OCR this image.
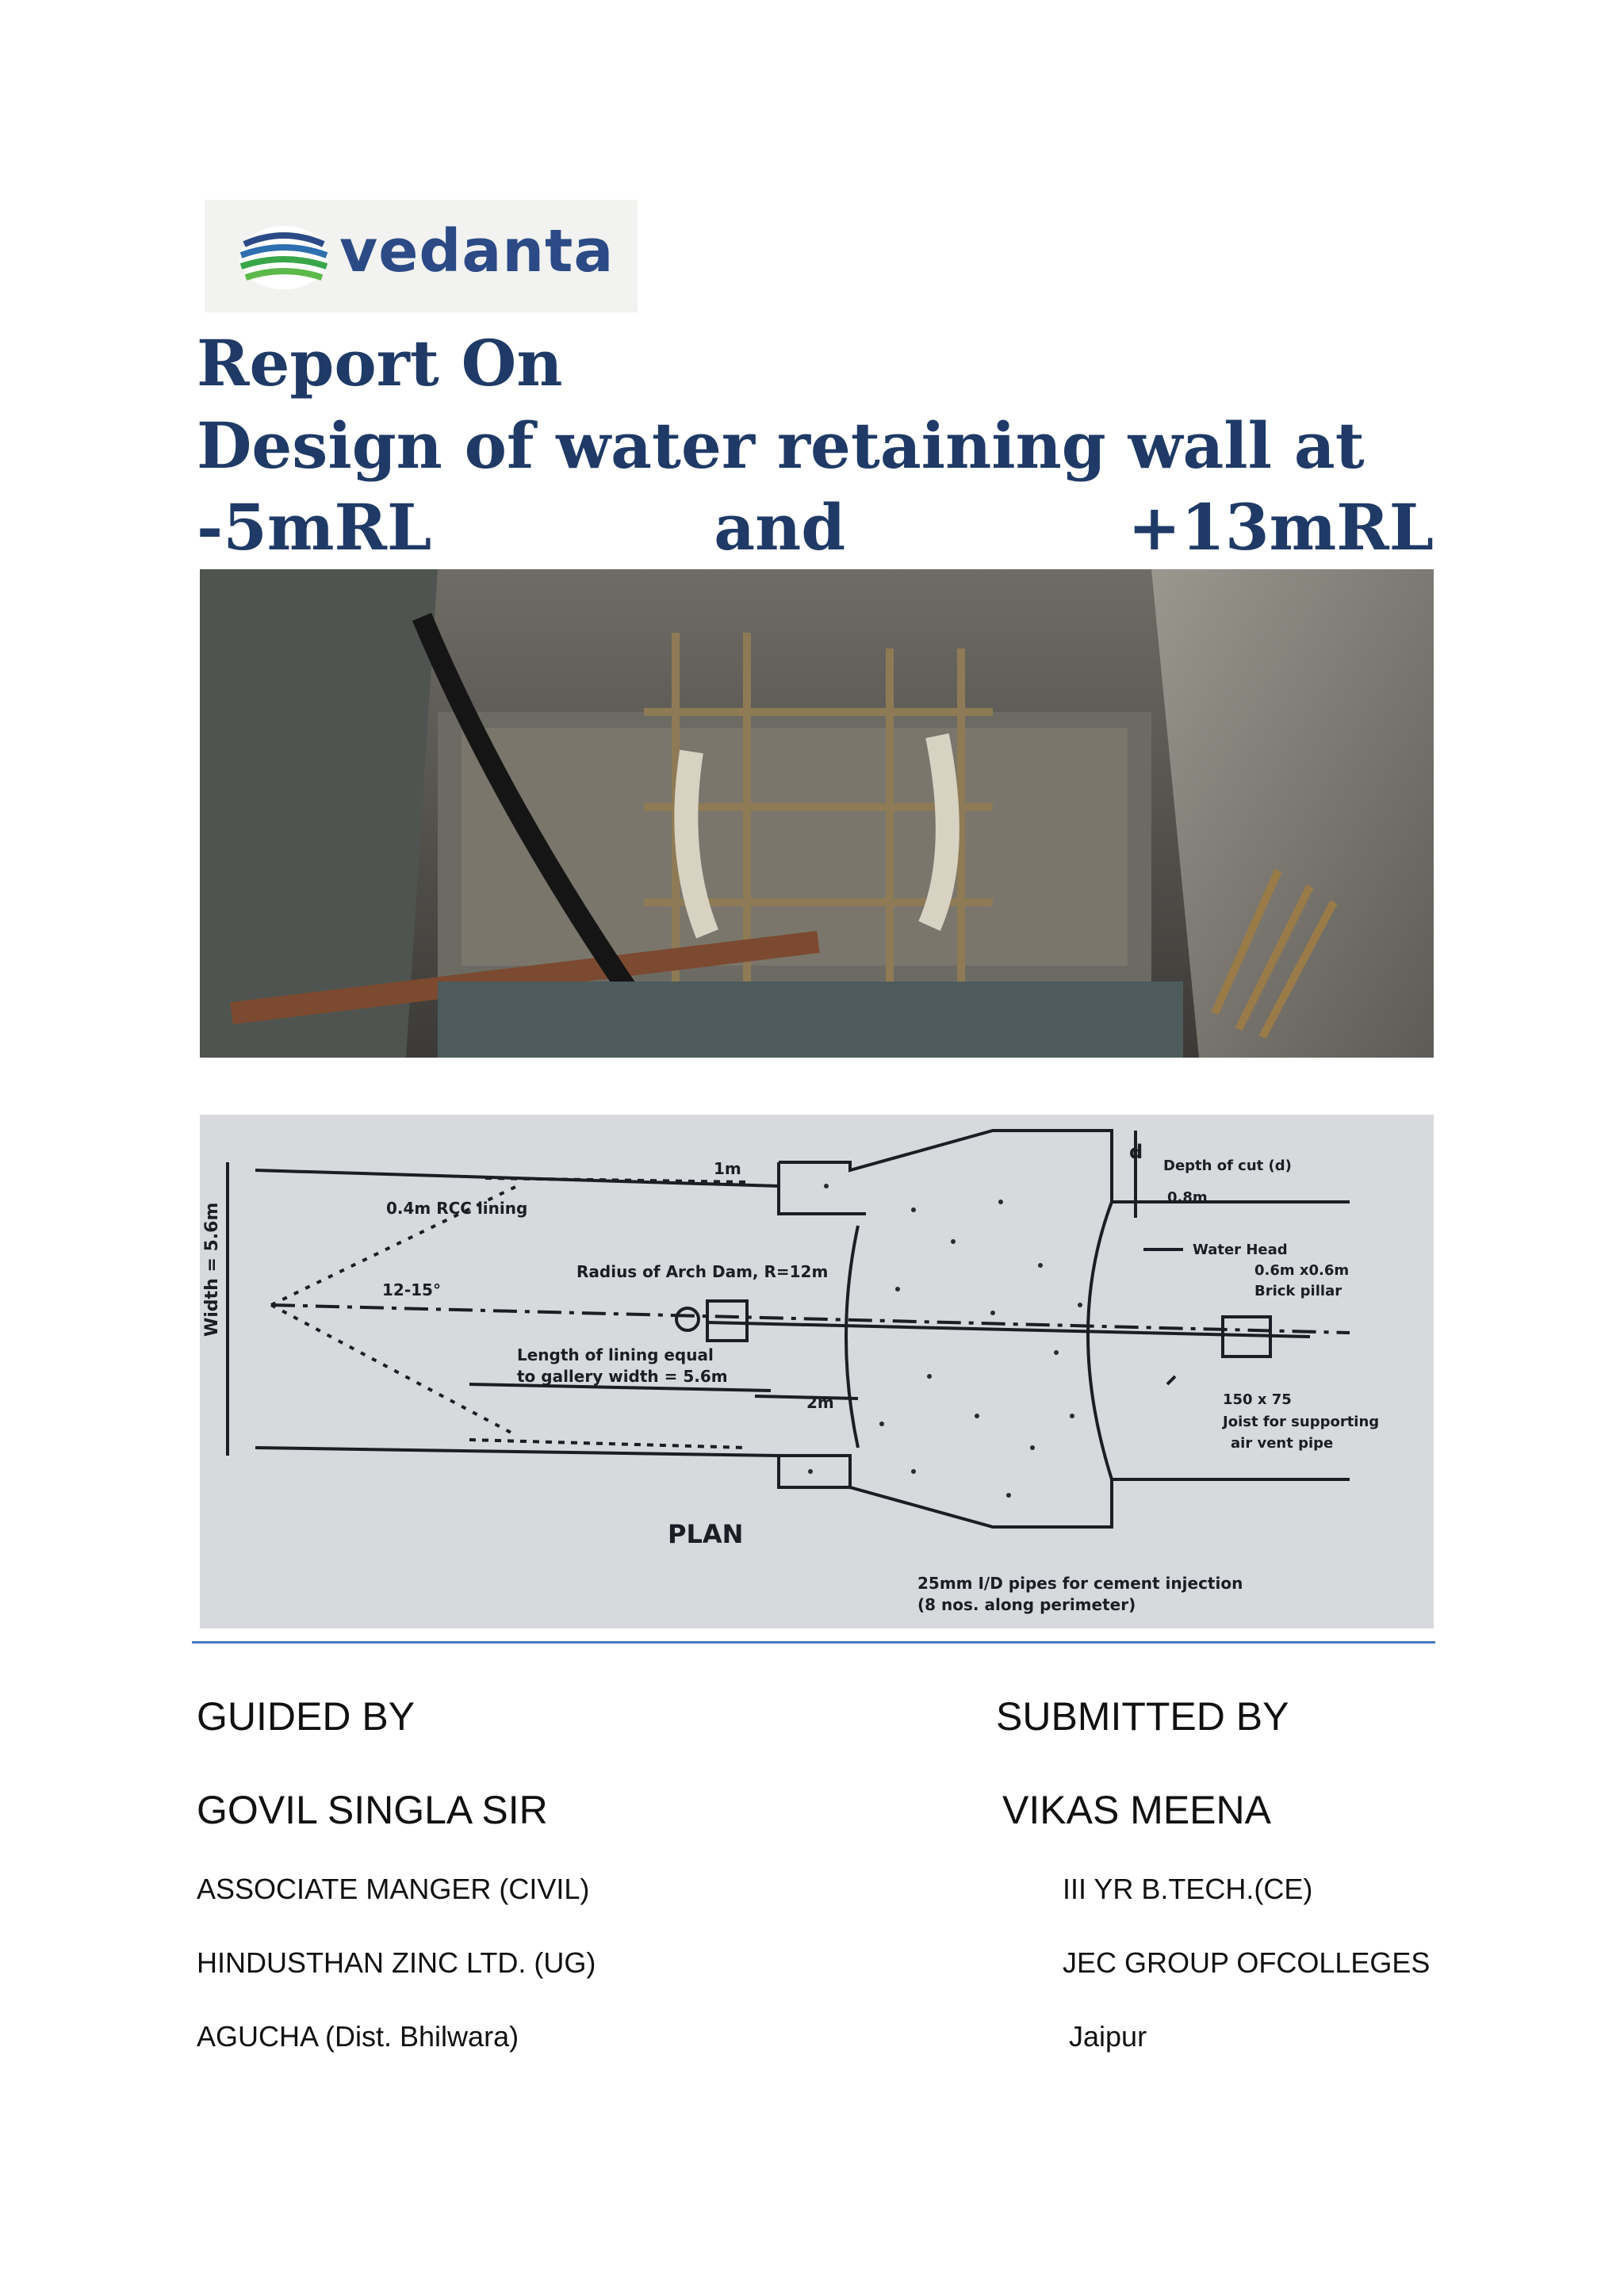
vedanta
Report On
Design of water retaining wall at
-5mRL	and	+13mRL
Width = 5.6m	0.4m RCC lining
1m
12-15°
Radius of Arch Dam, R=12m
Length of lining equal
to gallery width = 5.6m
2m
d
Depth of cut (d)
0.8m
Water Head
0.6m x0.6m
Brick pillar
150 x 75
Joist for supporting
air vent pipe
PLAN
25mm I/D pipes for cement injection
(8 nos. along perimeter)
GUIDED BY
GOVIL SINGLA SIR
ASSOCIATE MANGER (CIVIL)
HINDUSTHAN ZINC LTD. (UG)
AGUCHA (Dist. Bhilwara)
SUBMITTED BY
VIKAS MEENA
III YR B.TECH.(CE)
JEC GROUP OFCOLLEGES
Jaipur
